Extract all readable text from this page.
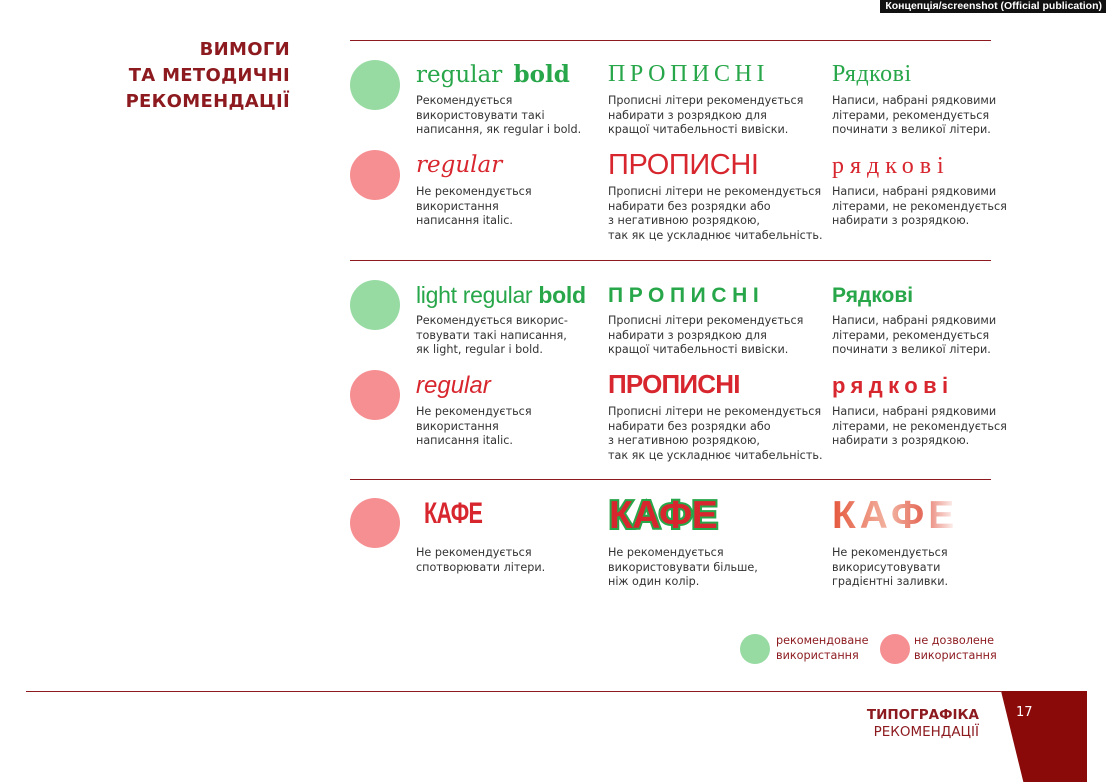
Концепція/screenshot (Official publication)
ВИМОГИ
ТА МЕТОДИЧНІ
РЕКОМЕНДАЦІЇ
regular bold
Рекомендується
використовувати такі
написання, як regular і bold.
ПРОПИСНІ
Прописні літери рекомендується
набирати з розрядкою для
кращої читабельності вивіски.
Рядкові
Написи, набрані рядковими
літерами, рекомендується
починати з великої літери.
regular
Не рекомендується
використання
написання italic.
ПРОПИСНІ
Прописні літери не рекомендується
набирати без розрядки або
з негативною розрядкою,
так як це ускладнює читабельність.
рядкові
Написи, набрані рядковими
літерами, не рекомендується
набирати з розрядкою.
light regular bold
Рекомендується викорис-
товувати такі написання,
як light, regular і bold.
ПРОПИСНІ
Прописні літери рекомендується
набирати з розрядкою для
кращої читабельності вивіски.
Рядкові
Написи, набрані рядковими
літерами, рекомендується
починати з великої літери.
regular
Не рекомендується
використання
написання italic.
ПРОПИСНІ
Прописні літери не рекомендується
набирати без розрядки або
з негативною розрядкою,
так як це ускладнює читабельність.
рядкові
Написи, набрані рядковими
літерами, не рекомендується
набирати з розрядкою.
КАФЕ
Не рекомендується
спотворювати літери.
КАФЕ
Не рекомендується
використовувати більше,
ніж один колір.
КАФЕ
Не рекомендується
викорисутовувати
градієнтні заливки.
рекомендоване
використання
не дозволене
використання
ТИПОГРАФІКА
РЕКОМЕНДАЦІЇ
17
